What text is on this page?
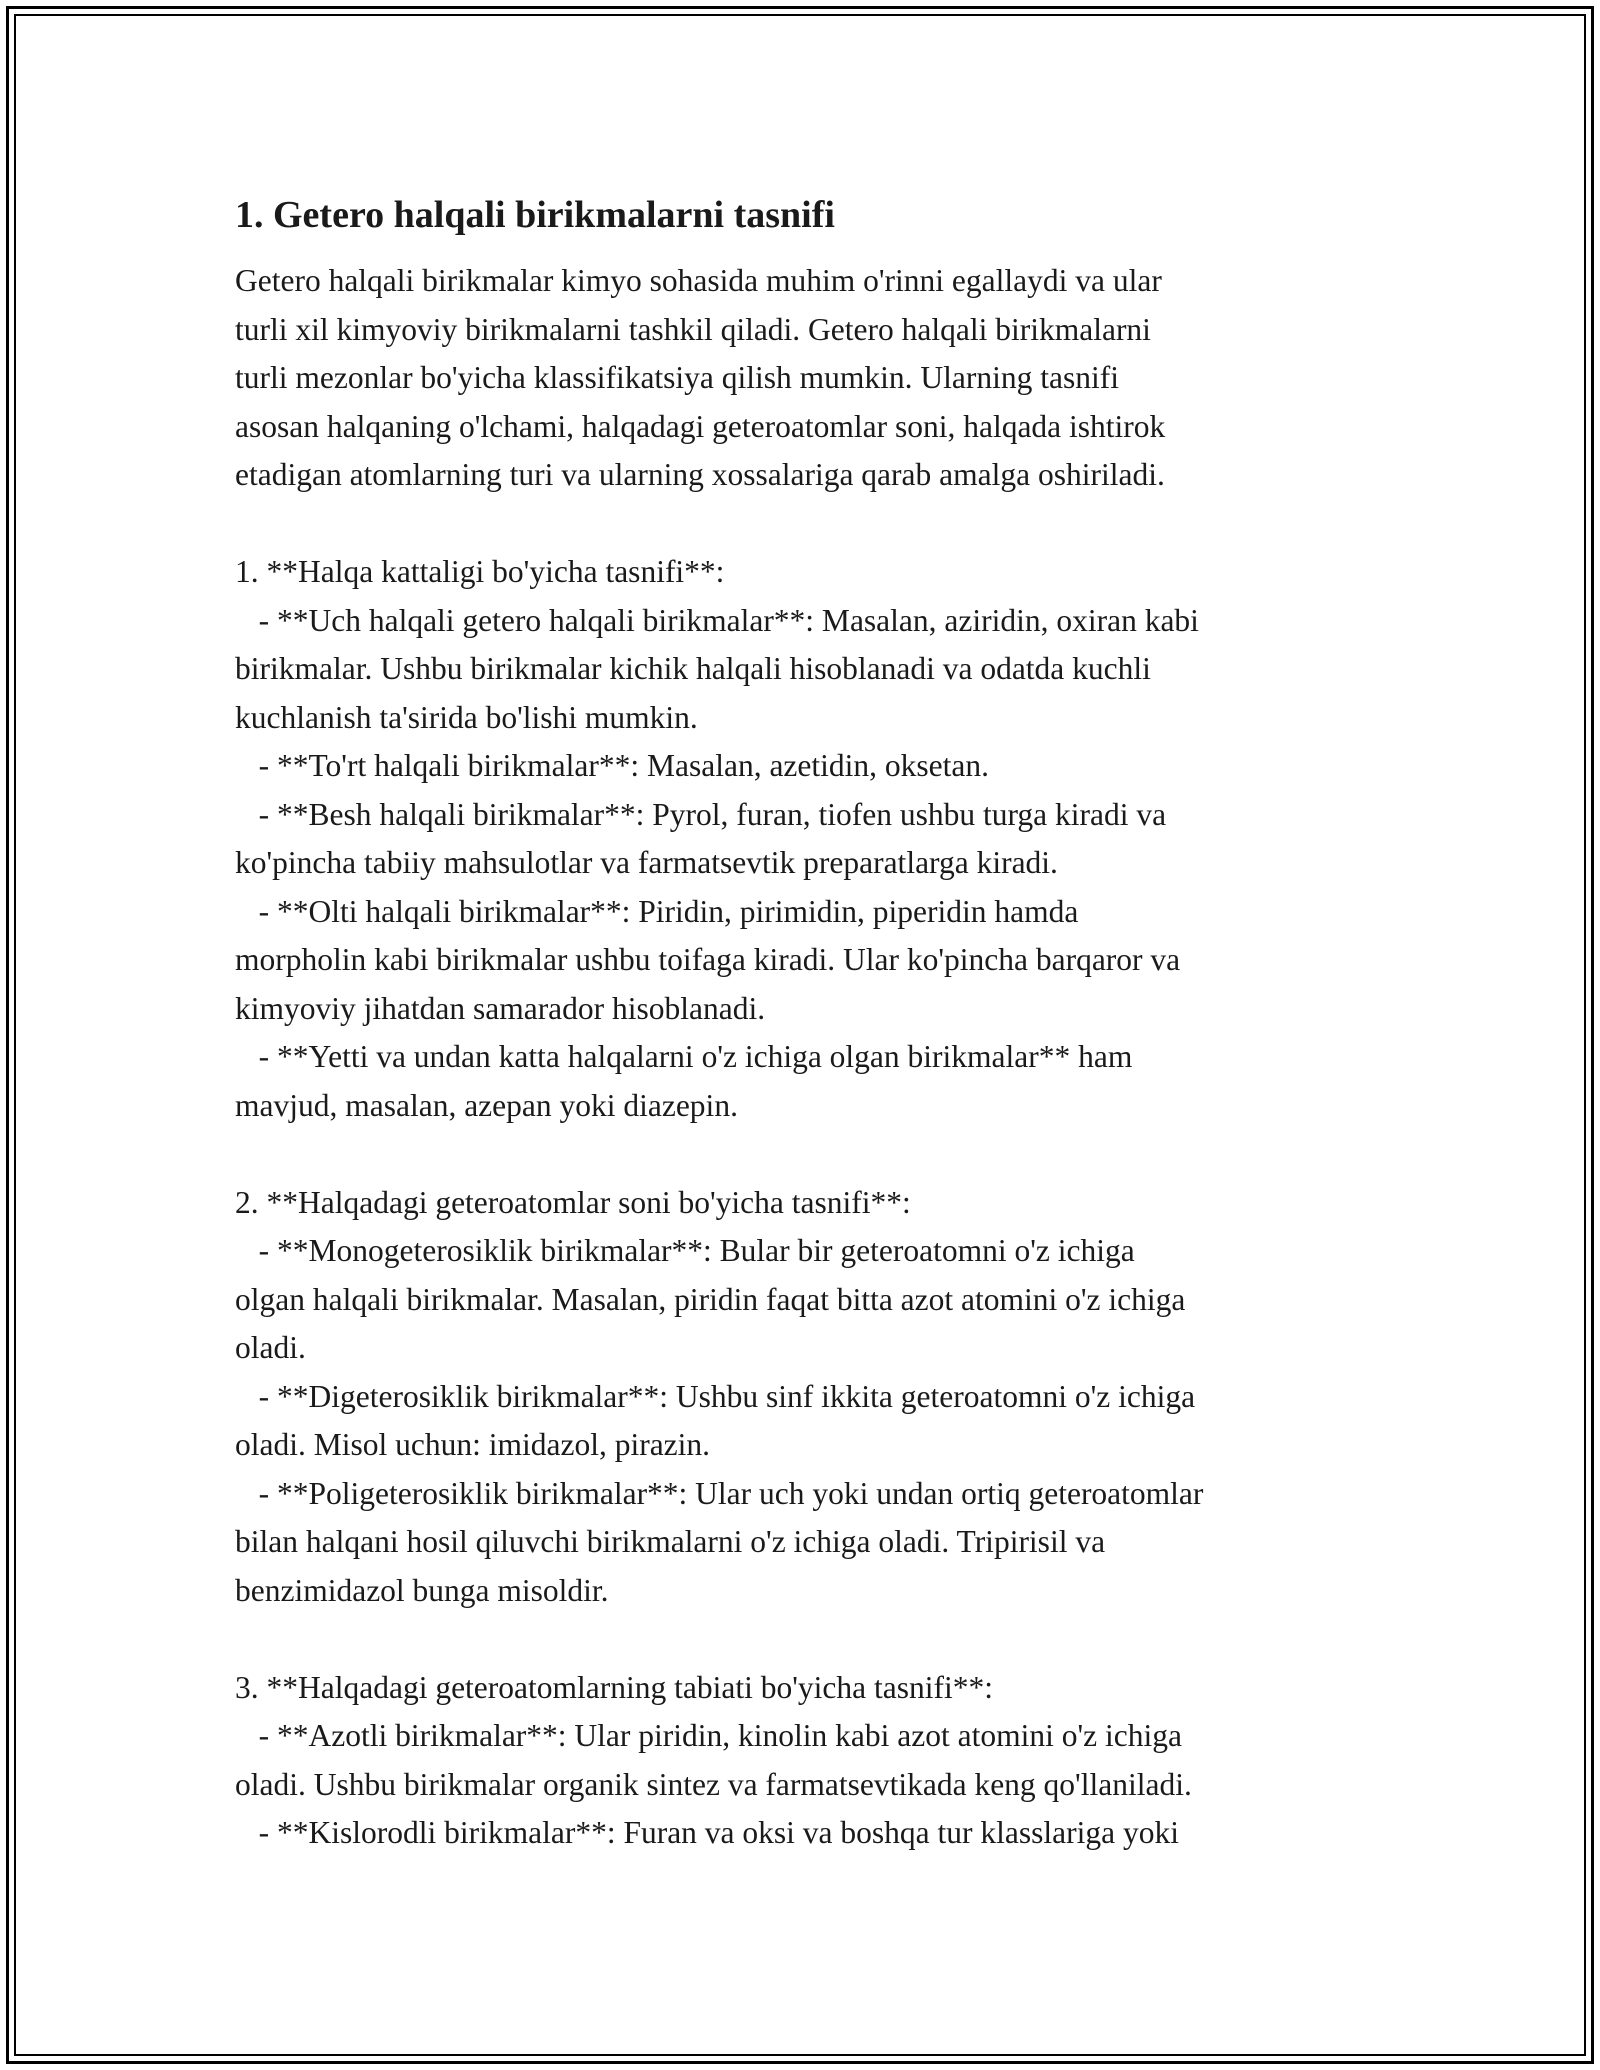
1. Getero halqali birikmalarni tasnifi
Getero halqali birikmalar kimyo sohasida muhim o'rinni egallaydi va ular
turli xil kimyoviy birikmalarni tashkil qiladi. Getero halqali birikmalarni
turli mezonlar bo'yicha klassifikatsiya qilish mumkin. Ularning tasnifi
asosan halqaning o'lchami, halqadagi geteroatomlar soni, halqada ishtirok
etadigan atomlarning turi va ularning xossalariga qarab amalga oshiriladi.
1. **Halqa kattaligi bo'yicha tasnifi**:
- **Uch halqali getero halqali birikmalar**: Masalan, aziridin, oxiran kabi
birikmalar. Ushbu birikmalar kichik halqali hisoblanadi va odatda kuchli
kuchlanish ta'sirida bo'lishi mumkin.
- **To'rt halqali birikmalar**: Masalan, azetidin, oksetan.
- **Besh halqali birikmalar**: Pyrol, furan, tiofen ushbu turga kiradi va
ko'pincha tabiiy mahsulotlar va farmatsevtik preparatlarga kiradi.
- **Olti halqali birikmalar**: Piridin, pirimidin, piperidin hamda
morpholin kabi birikmalar ushbu toifaga kiradi. Ular ko'pincha barqaror va
kimyoviy jihatdan samarador hisoblanadi.
- **Yetti va undan katta halqalarni o'z ichiga olgan birikmalar** ham
mavjud, masalan, azepan yoki diazepin.
2. **Halqadagi geteroatomlar soni bo'yicha tasnifi**:
- **Monogeterosiklik birikmalar**: Bular bir geteroatomni o'z ichiga
olgan halqali birikmalar. Masalan, piridin faqat bitta azot atomini o'z ichiga
oladi.
- **Digeterosiklik birikmalar**: Ushbu sinf ikkita geteroatomni o'z ichiga
oladi. Misol uchun: imidazol, pirazin.
- **Poligeterosiklik birikmalar**: Ular uch yoki undan ortiq geteroatomlar
bilan halqani hosil qiluvchi birikmalarni o'z ichiga oladi. Tripirisil va
benzimidazol bunga misoldir.
3. **Halqadagi geteroatomlarning tabiati bo'yicha tasnifi**:
- **Azotli birikmalar**: Ular piridin, kinolin kabi azot atomini o'z ichiga
oladi. Ushbu birikmalar organik sintez va farmatsevtikada keng qo'llaniladi.
- **Kislorodli birikmalar**: Furan va oksi va boshqa tur klasslariga yoki
